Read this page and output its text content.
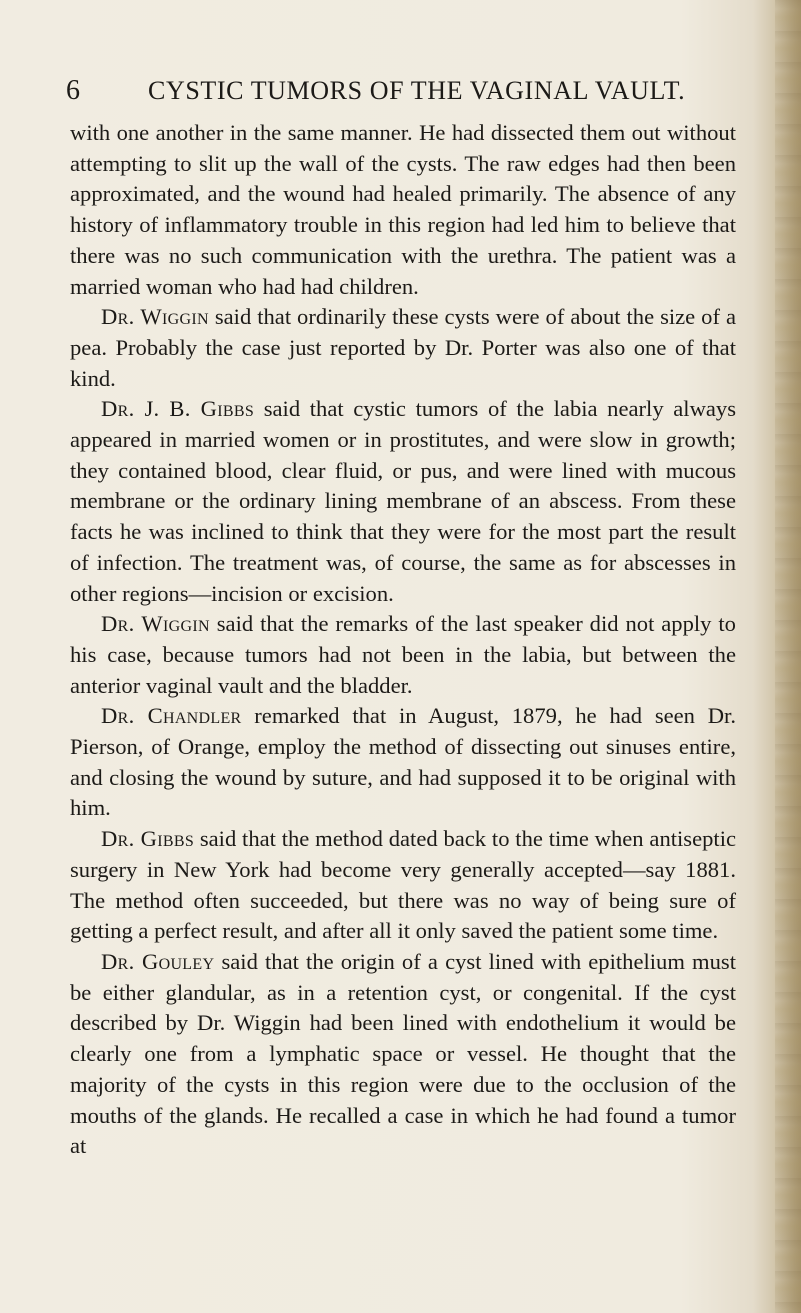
6	CYSTIC TUMORS OF THE VAGINAL VAULT.

with one another in the same manner. He had dissected them out without attempting to slit up the wall of the cysts. The raw edges had then been approximated, and the wound had healed primarily. The absence of any history of inflammatory trouble in this region had led him to believe that there was no such communication with the urethra. The patient was a married woman who had had children.

Dr. Wiggin said that ordinarily these cysts were of about the size of a pea. Probably the case just reported by Dr. Porter was also one of that kind.

Dr. J. B. Gibbs said that cystic tumors of the labia nearly always appeared in married women or in prostitutes, and were slow in growth; they contained blood, clear fluid, or pus, and were lined with mucous membrane or the ordinary lining membrane of an abscess. From these facts he was inclined to think that they were for the most part the result of infection. The treatment was, of course, the same as for abscesses in other regions—incision or excision.

Dr. Wiggin said that the remarks of the last speaker did not apply to his case, because tumors had not been in the labia, but between the anterior vaginal vault and the bladder.

Dr. Chandler remarked that in August, 1879, he had seen Dr. Pierson, of Orange, employ the method of dissecting out sinuses entire, and closing the wound by suture, and had supposed it to be original with him.

Dr. Gibbs said that the method dated back to the time when antiseptic surgery in New York had become very generally accepted—say 1881. The method often succeeded, but there was no way of being sure of getting a perfect result, and after all it only saved the patient some time.

Dr. Gouley said that the origin of a cyst lined with epithelium must be either glandular, as in a retention cyst, or congenital. If the cyst described by Dr. Wiggin had been lined with endothelium it would be clearly one from a lymphatic space or vessel. He thought that the majority of the cysts in this region were due to the occlusion of the mouths of the glands. He recalled a case in which he had found a tumor at
